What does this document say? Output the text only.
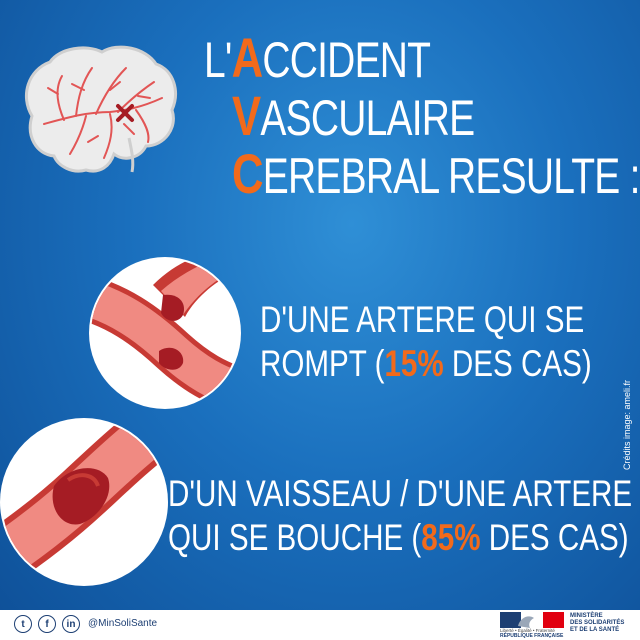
L'ACCIDENT
VASCULAIRE
CEREBRAL RESULTE :
D'UNE ARTERE QUI SE
ROMPT (15% DES CAS)
D'UN VAISSEAU / D'UNE ARTERE
QUI SE BOUCHE (85% DES CAS)
Crédits image: ameli.fr
t	f	in	@MinSoliSante
Liberté • Égalité • Fraternité
RÉPUBLIQUE FRANÇAISE
MINISTÈRE
DES SOLIDARITÉS
ET DE LA SANTÉ
